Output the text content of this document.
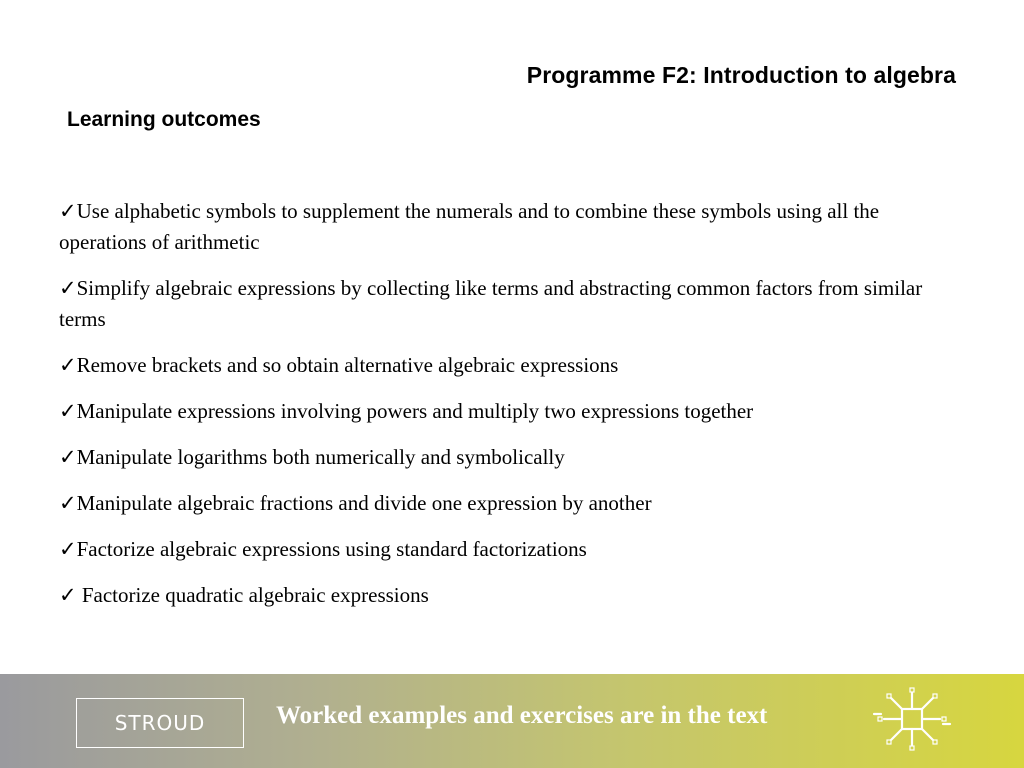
Programme F2: Introduction to algebra
Learning outcomes
✓Use alphabetic symbols to supplement the numerals and to combine these symbols using all the operations of arithmetic
✓Simplify algebraic expressions by collecting like terms and abstracting common factors from similar terms
✓Remove brackets and so obtain alternative algebraic expressions
✓Manipulate expressions involving powers and multiply two expressions together
✓Manipulate logarithms both numerically and symbolically
✓Manipulate algebraic fractions and divide one expression by another
✓Factorize algebraic expressions using standard factorizations
✓ Factorize quadratic algebraic expressions
STROUD	Worked examples and exercises are in the text
